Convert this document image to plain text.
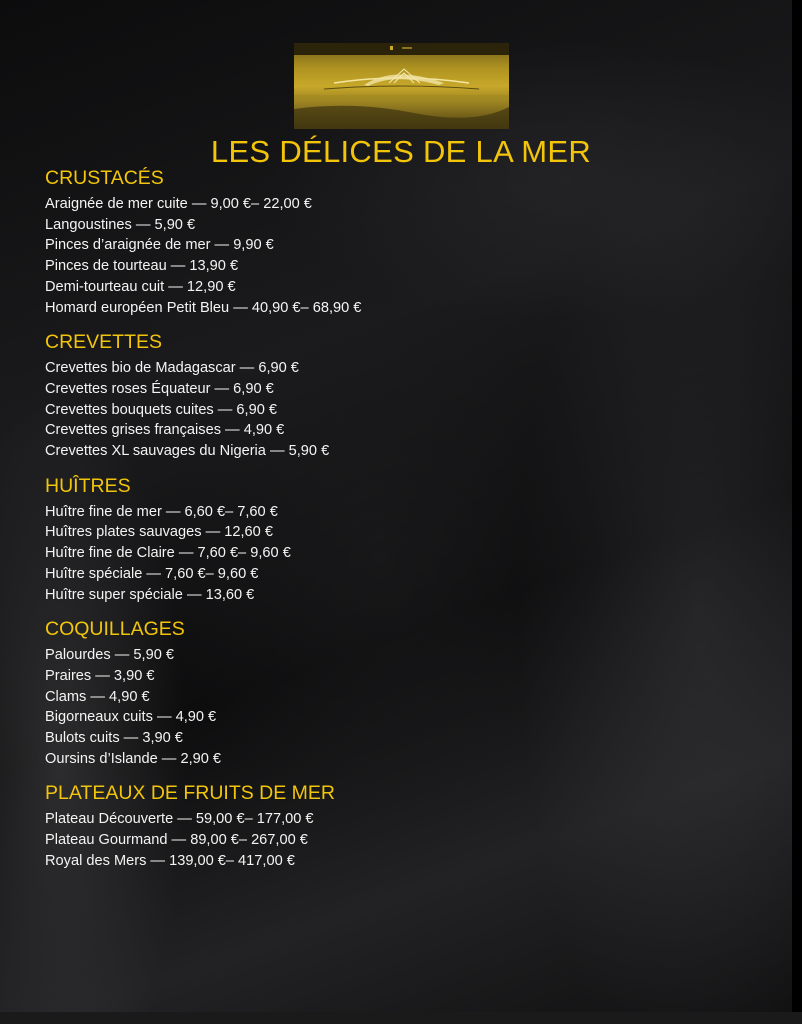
LES DÉLICES DE LA MER
CRUSTACÉS
Araignée de mer cuite — 9,00 €– 22,00 €
Langoustines — 5,90 €
Pinces d’araignée de mer — 9,90 €
Pinces de tourteau — 13,90 €
Demi-tourteau cuit — 12,90 €
Homard européen Petit Bleu — 40,90 €– 68,90 €
CREVETTES
Crevettes bio de Madagascar — 6,90 €
Crevettes roses Équateur — 6,90 €
Crevettes bouquets cuites — 6,90 €
Crevettes grises françaises — 4,90 €
Crevettes XL sauvages du Nigeria — 5,90 €
HUÎTRES
Huître fine de mer — 6,60 €– 7,60 €
Huîtres plates sauvages — 12,60 €
Huître fine de Claire — 7,60 €– 9,60 €
Huître spéciale — 7,60 €– 9,60 €
Huître super spéciale — 13,60 €
COQUILLAGES
Palourdes — 5,90 €
Praires — 3,90 €
Clams — 4,90 €
Bigorneaux cuits — 4,90 €
Bulots cuits — 3,90 €
Oursins d’Islande — 2,90 €
PLATEAUX DE FRUITS DE MER
Plateau Découverte — 59,00 €– 177,00 €
Plateau Gourmand — 89,00 €– 267,00 €
Royal des Mers — 139,00 €– 417,00 €
